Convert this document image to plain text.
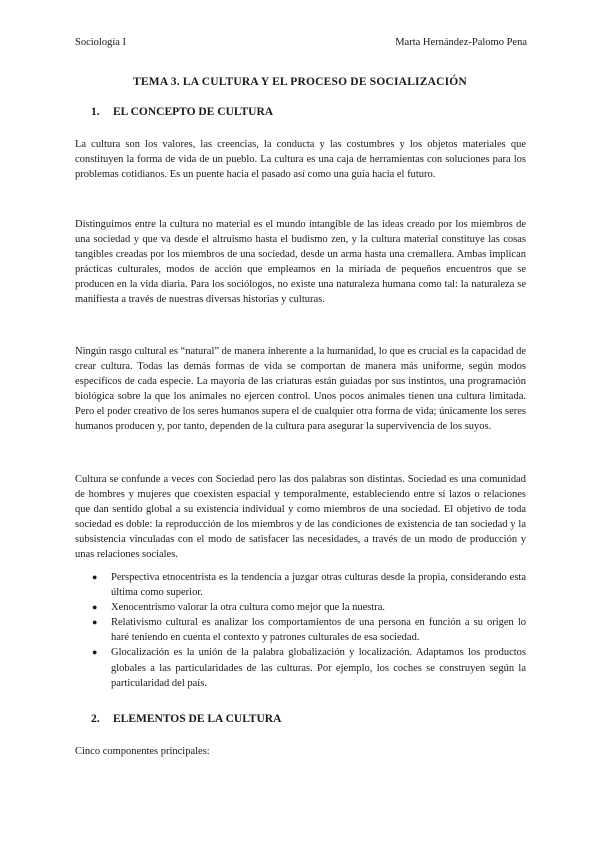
Sociología I	Marta Hernández-Palomo Pena
TEMA 3. LA CULTURA Y EL PROCESO DE SOCIALIZACIÓN
1. EL CONCEPTO DE CULTURA

La cultura son los valores, las creencias, la conducta y las costumbres y los objetos materiales que constituyen la forma de vida de un pueblo. La cultura es una caja de herramientas con soluciones para los problemas cotidianos. Es un puente hacia el pasado así como una guía hacia el futuro.

Distinguimos entre la cultura no material es el mundo intangible de las ideas creado por los miembros de una sociedad y que va desde el altruismo hasta el budismo zen, y la cultura material constituye las cosas tangibles creadas por los miembros de una sociedad, desde un arma hasta una cremallera. Ambas implican prácticas culturales, modos de acción que empleamos en la miríada de pequeños encuentros que se producen en la vida diaria. Para los sociólogos, no existe una naturaleza humana como tal: la naturaleza se manifiesta a través de nuestras diversas historias y culturas.

Ningún rasgo cultural es “natural” de manera inherente a la humanidad, lo que es crucial es la capacidad de crear cultura. Todas las demás formas de vida se comportan de manera más uniforme, según modos específicos de cada especie. La mayoría de las criaturas están guiadas por sus instintos, una programación biológica sobre la que los animales no ejercen control. Unos pocos animales tienen una cultura limitada. Pero el poder creativo de los seres humanos supera el de cualquier otra forma de vida; únicamente los seres humanos producen y, por tanto, dependen de la cultura para asegurar la supervivencia de los suyos.

Cultura se confunde a veces con Sociedad pero las dos palabras son distintas. Sociedad es una comunidad de hombres y mujeres que coexisten espacial y temporalmente, estableciendo entre sí lazos o relaciones que dan sentido global a su existencia individual y como miembros de una sociedad. El objetivo de toda sociedad es doble: la reproducción de los miembros y de las condiciones de existencia de tan sociedad y la subsistencia vinculadas con el modo de satisfacer las necesidades, a través de un modo de producción y unas relaciones sociales.

● Perspectiva etnocentrista es la tendencia a juzgar otras culturas desde la propia, considerando esta última como superior.
● Xenocentrismo valorar la otra cultura como mejor que la nuestra.
● Relativismo cultural es analizar los comportamientos de una persona en función a su origen lo haré teniendo en cuenta el contexto y patrones culturales de esa sociedad.
● Glocalización es la unión de la palabra globalización y localización. Adaptamos los productos globales a las particularidades de las culturas. Por ejemplo, los coches se construyen según la particularidad del país.
2. ELEMENTOS DE LA CULTURA

Cinco componentes principales:
